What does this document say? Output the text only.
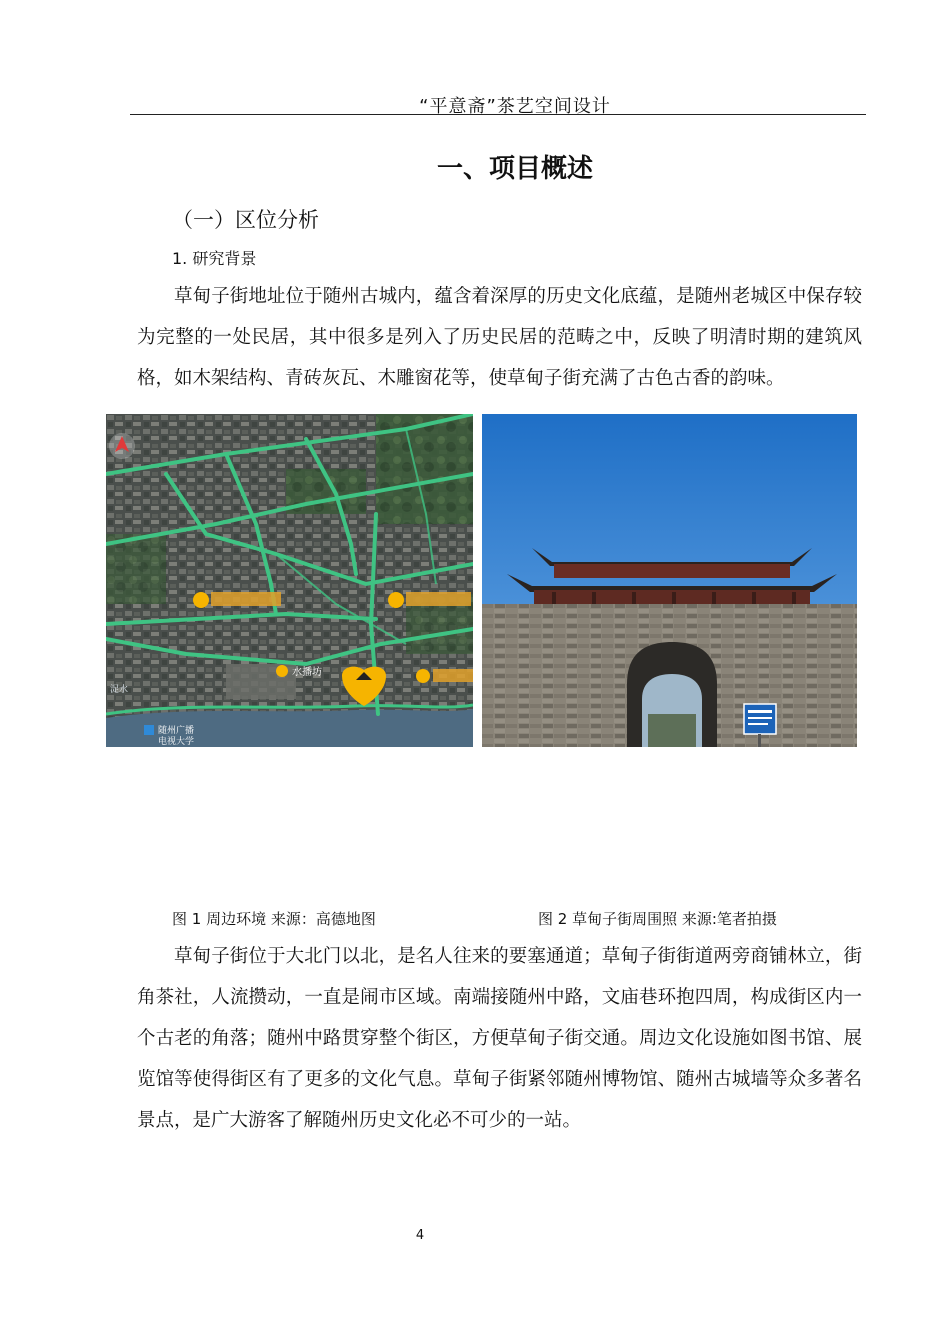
“平意斋”茶艺空间设计
一、项目概述
（一）区位分析
1. 研究背景

草甸子街地址位于随州古城内，蕴含着深厚的历史文化底蕴，是随州老城区中保存较为完整的一处民居，其中很多是列入了历史民居的范畴之中，反映了明清时期的建筑风格，如木架结构、青砖灰瓦、木雕窗花等，使草甸子街充满了古色古香的韵味。

水播坊
浞水
随州广播
电视大学
图 1 周边环境 来源：高德地图	图 2 草甸子街周围照 来源:笔者拍摄

草甸子街位于大北门以北，是名人往来的要塞通道；草甸子街街道两旁商铺林立，街角茶社，人流攒动，一直是闹市区域。南端接随州中路，文庙巷环抱四周，构成街区内一个古老的角落；随州中路贯穿整个街区，方便草甸子街交通。周边文化设施如图书馆、展览馆等使得街区有了更多的文化气息。草甸子街紧邻随州博物馆、随州古城墙等众多著名景点，是广大游客了解随州历史文化必不可少的一站。

4
